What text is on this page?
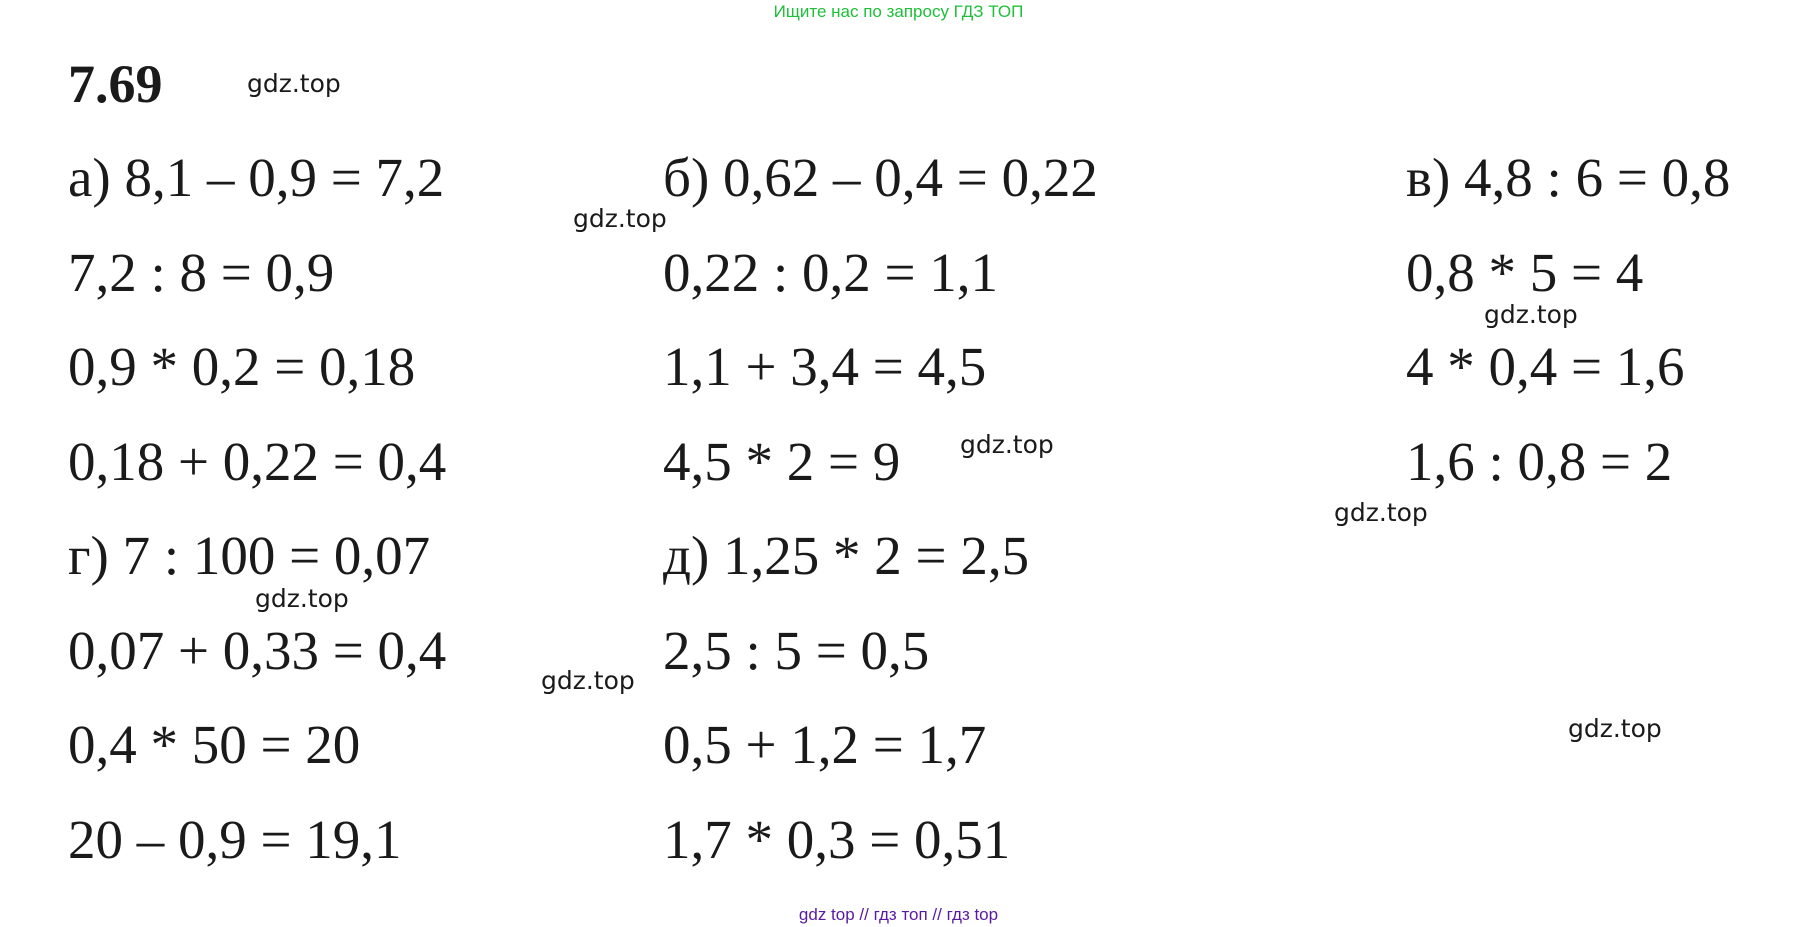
Ищите нас по запросу ГДЗ ТОП
7.69	gdz.top
gdz.top
gdz.top
gdz.top
gdz.top
gdz.top
gdz.top
gdz.top
а) 8,1 – 0,9 = 7,2
7,2 : 8 = 0,9
0,9 * 0,2 = 0,18
0,18 + 0,22 = 0,4
б) 0,62 – 0,4 = 0,22
0,22 : 0,2 = 1,1
1,1 + 3,4 = 4,5
4,5 * 2 = 9
в) 4,8 : 6 = 0,8
0,8 * 5 = 4
4 * 0,4 = 1,6
1,6 : 0,8 = 2
г) 7 : 100 = 0,07
0,07 + 0,33 = 0,4
0,4 * 50 = 20
20 – 0,9 = 19,1
д) 1,25 * 2 = 2,5
2,5 : 5 = 0,5
0,5 + 1,2 = 1,7
1,7 * 0,3 = 0,51
gdz top // гдз топ // гдз top
